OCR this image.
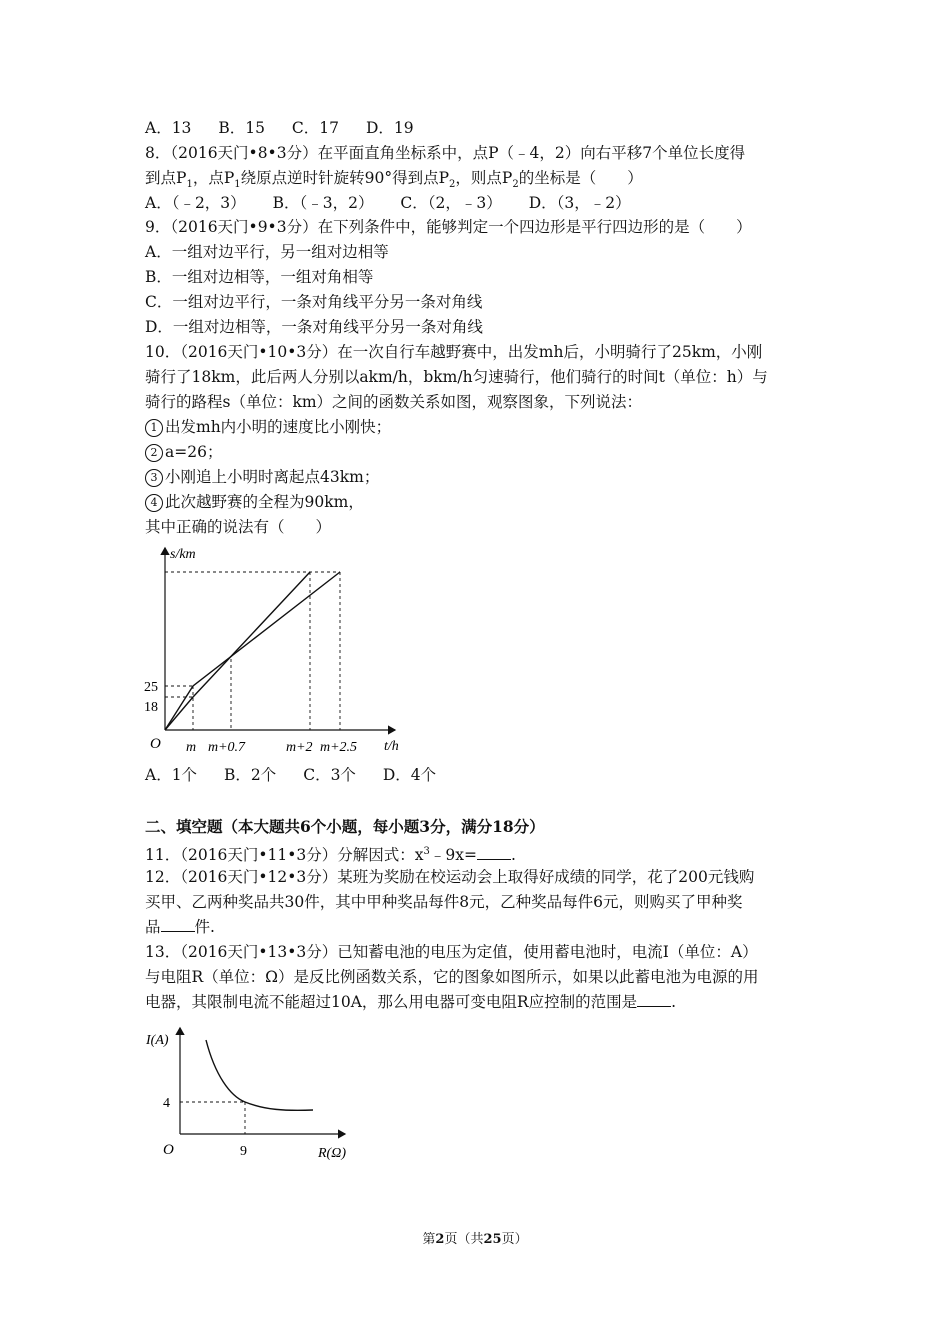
A．13 B．15 C．17 D．19
8．（2016天门•8•3分）在平面直角坐标系中，点P（﹣4，2）向右平移7个单位长度得
到点$P_1$，点$P_1$绕原点逆时针旋转90°得到点$P_2$，则点$P_2$的坐标是（　　）
A．（﹣2，3） B．（﹣3，2） C．（2，﹣3） D．（3，﹣2）
9．（2016天门•9•3分）在下列条件中，能够判定一个四边形是平行四边形的是（　　）
A．一组对边平行，另一组对边相等
B．一组对边相等，一组对角相等
C．一组对边平行，一条对角线平分另一条对角线
D．一组对边相等，一条对角线平分另一条对角线
10．（2016天门•10•3分）在一次自行车越野赛中，出发mh后，小明骑行了25km，小刚
骑行了18km，此后两人分别以akm/h，bkm/h匀速骑行，他们骑行的时间t（单位：h）与
骑行的路程s（单位：km）之间的函数关系如图，观察图象，下列说法：
1 出发mh内小明的速度比小刚快；
2 a=26；
3 小刚追上小明时离起点43km；
4 此次越野赛的全程为90km，
其中正确的说法有（　　）
s/km
t/h
O
25
18
m m+0.7	m+2 m+2.5
A．1个 B．2个 C．3个 D．4个
二、填空题（本大题共6个小题，每小题3分，满分18分）
11．（2016天门•11•3分）分解因式：$x^3﹣9x=$ .
12．（2016天门•12•3分）某班为奖励在校运动会上取得好成绩的同学，花了200元钱购
买甲、乙两种奖品共30件，其中甲种奖品每件8元，乙种奖品每件6元，则购买了甲种奖
品 件.
13．（2016天门•13•3分）已知蓄电池的电压为定值，使用蓄电池时，电流I（单位：A）
与电阻R（单位：Ω）是反比例函数关系，它的图象如图所示，如果以此蓄电池为电源的用
电器，其限制电流不能超过10A，那么用电器可变电阻R应控制的范围是 .
I(A)
R(Ω)
O
4
9
第2页（共25页）
